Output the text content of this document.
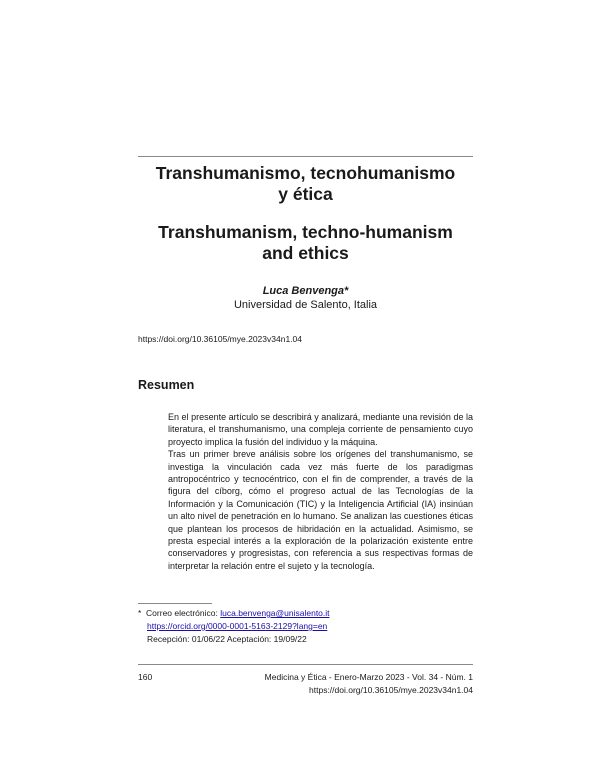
Transhumanismo, tecnohumanismo
y ética
Transhumanism, techno-humanism
and ethics
Luca Benvenga*
Universidad de Salento, Italia
https://doi.org/10.36105/mye.2023v34n1.04
Resumen

En el presente artículo se describirá y analizará, mediante una revisión de la literatura, el transhumanismo, una compleja corriente de pensamiento cuyo proyecto implica la fusión del individuo y la máquina.

Tras un primer breve análisis sobre los orígenes del transhumanismo, se investiga la vinculación cada vez más fuerte de los paradigmas antropocéntrico y tecnocéntrico, con el fin de comprender, a través de la figura del cíborg, cómo el progreso actual de las Tecnologías de la Información y la Comunicación (TIC) y la Inteligencia Artificial (IA) insinúan un alto nivel de penetración en lo humano. Se analizan las cuestiones éticas que plantean los procesos de hibridación en la actualidad. Asimismo, se presta especial interés a la exploración de la polarización existente entre conservadores y progresistas, con referencia a sus respectivas formas de interpretar la relación entre el sujeto y la tecnología.

* Correo electrónico: luca.benvenga@unisalento.it
https://orcid.org/0000-0001-5163-2129?lang=en
Recepción: 01/06/22 Aceptación: 19/09/22
160	Medicina y Ética - Enero-Marzo 2023 - Vol. 34 - Núm. 1
https://doi.org/10.36105/mye.2023v34n1.04
